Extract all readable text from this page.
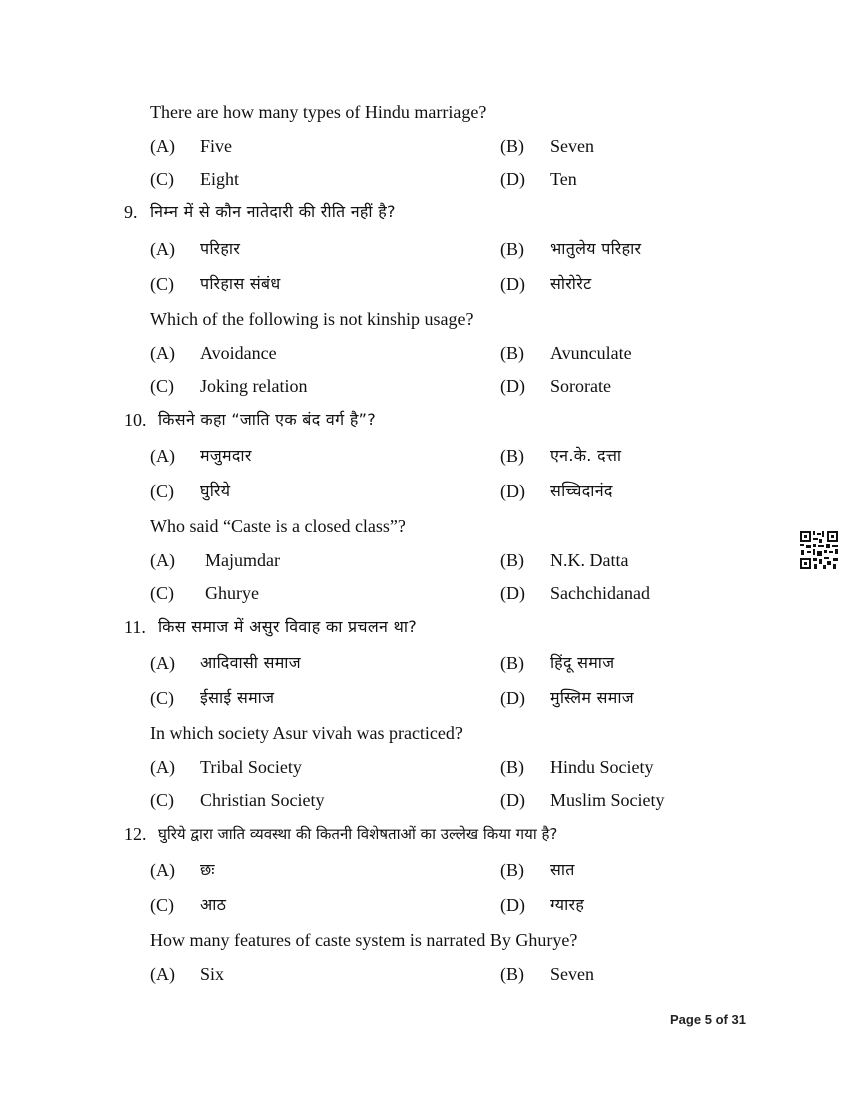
There are how many types of Hindu marriage?
(A) Five	(B) Seven
(C) Eight	(D) Ten
9. निम्न में से कौन नातेदारी की रीति नहीं है?
(A) परिहार	(B) भातुलेय परिहार
(C) परिहास संबंध	(D) सोरोरेट
Which of the following is not kinship usage?
(A) Avoidance	(B) Avunculate
(C) Joking relation	(D) Sororate
10. किसने कहा “जाति एक बंद वर्ग है”?
(A) मजुमदार	(B) एन.के. दत्ता
(C) घुरिये	(D) सच्चिदानंद
Who said “Caste is a closed class”?
(A) Majumdar	(B) N.K. Datta
(C) Ghurye	(D) Sachchidanad
11. किस समाज में असुर विवाह का प्रचलन था?
(A) आदिवासी समाज	(B) हिंदू समाज
(C) ईसाई समाज	(D) मुस्लिम समाज
In which society Asur vivah was practiced?
(A) Tribal Society	(B) Hindu Society
(C) Christian Society	(D) Muslim Society
12. घुरिये द्वारा जाति व्यवस्था की कितनी विशेषताओं का उल्लेख किया गया है?
(A) छः	(B) सात
(C) आठ	(D) ग्यारह
How many features of caste system is narrated By Ghurye?
(A) Six	(B) Seven
Page 5 of 31
